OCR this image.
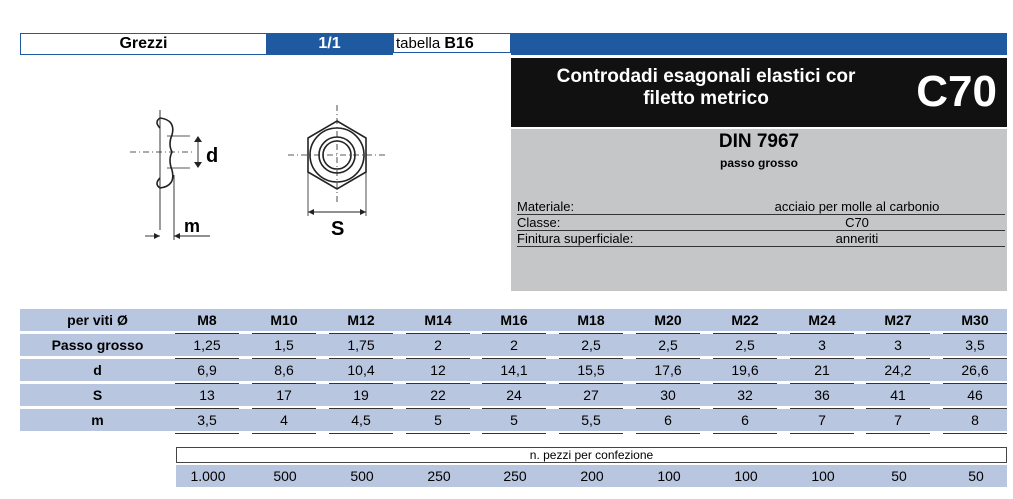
Grezzi	1/1	tabella B16
d
m	S
Controdadi esagonali elastici cor
filetto metrico	C70
DIN 7967
passo grosso
Materiale:	acciaio per molle al carbonio
Classe:	C70
Finitura superficiale:	anneriti
per viti Ø	M8	M10	M12	M14	M16	M18	M20	M22	M24	M27	M30
Passo grosso	1,25	1,5	1,75	2	2	2,5	2,5	2,5	3	3	3,5
d	6,9	8,6	10,4	12	14,1	15,5	17,6	19,6	21	24,2	26,6
S	13	17	19	22	24	27	30	32	36	41	46
m	3,5	4	4,5	5	5	5,5	6	6	7	7	8
n. pezzi per confezione
1.000	500	500	250	250	200	100	100	100	50	50
